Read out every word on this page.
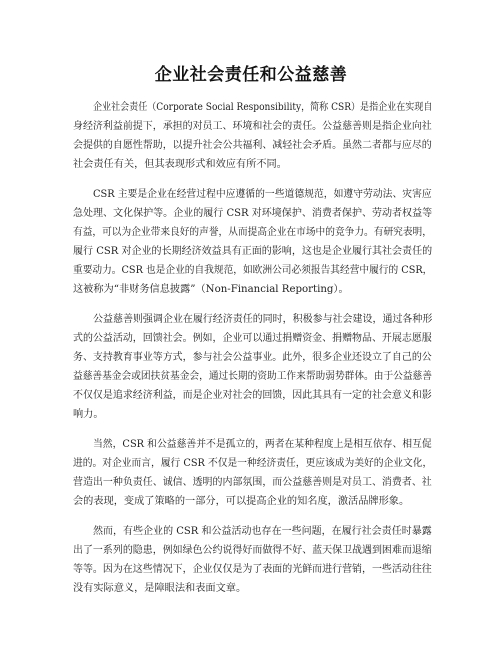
企业社会责任和公益慈善
企业社会责任（Corporate Social Responsibility，简称 CSR）是指企业在实现自
身经济利益前提下，承担的对员工、环境和社会的责任。公益慈善则是指企业向社
会提供的自愿性帮助，以提升社会公共福利、减轻社会矛盾。虽然二者都与应尽的
社会责任有关，但其表现形式和效应有所不同。
CSR 主要是企业在经营过程中应遵循的一些道德规范，如遵守劳动法、灾害应
急处理、文化保护等。企业的履行 CSR 对环境保护、消费者保护、劳动者权益等
有益，可以为企业带来良好的声誉，从而提高企业在市场中的竞争力。有研究表明，
履行 CSR 对企业的长期经济效益具有正面的影响，这也是企业履行其社会责任的
重要动力。CSR 也是企业的自我规范，如欧洲公司必须报告其经营中履行的 CSR，
这被称为“非财务信息披露”（Non-Financial Reporting）。
公益慈善则强调企业在履行经济责任的同时，积极参与社会建设，通过各种形
式的公益活动，回馈社会。例如，企业可以通过捐赠资金、捐赠物品、开展志愿服
务、支持教育事业等方式，参与社会公益事业。此外，很多企业还设立了自己的公
益慈善基金会或团扶贫基金会，通过长期的资助工作来帮助弱势群体。由于公益慈善
不仅仅是追求经济利益，而是企业对社会的回馈，因此其具有一定的社会意义和影
响力。
当然，CSR 和公益慈善并不是孤立的，两者在某种程度上是相互依存、相互促
进的。对企业而言，履行 CSR 不仅是一种经济责任，更应该成为美好的企业文化，
营造出一种负责任、诚信、透明的内部氛围，而公益慈善则是对员工、消费者、社
会的表现，变成了策略的一部分，可以提高企业的知名度，激活品牌形象。
然而，有些企业的 CSR 和公益活动也存在一些问题，在履行社会责任时暴露
出了一系列的隐患，例如绿色公约说得好而做得不好、蓝天保卫战遇到困难而退缩
等等。因为在这些情况下，企业仅仅是为了表面的光鲜而进行营销，一些活动往往
没有实际意义，是障眼法和表面文章。
